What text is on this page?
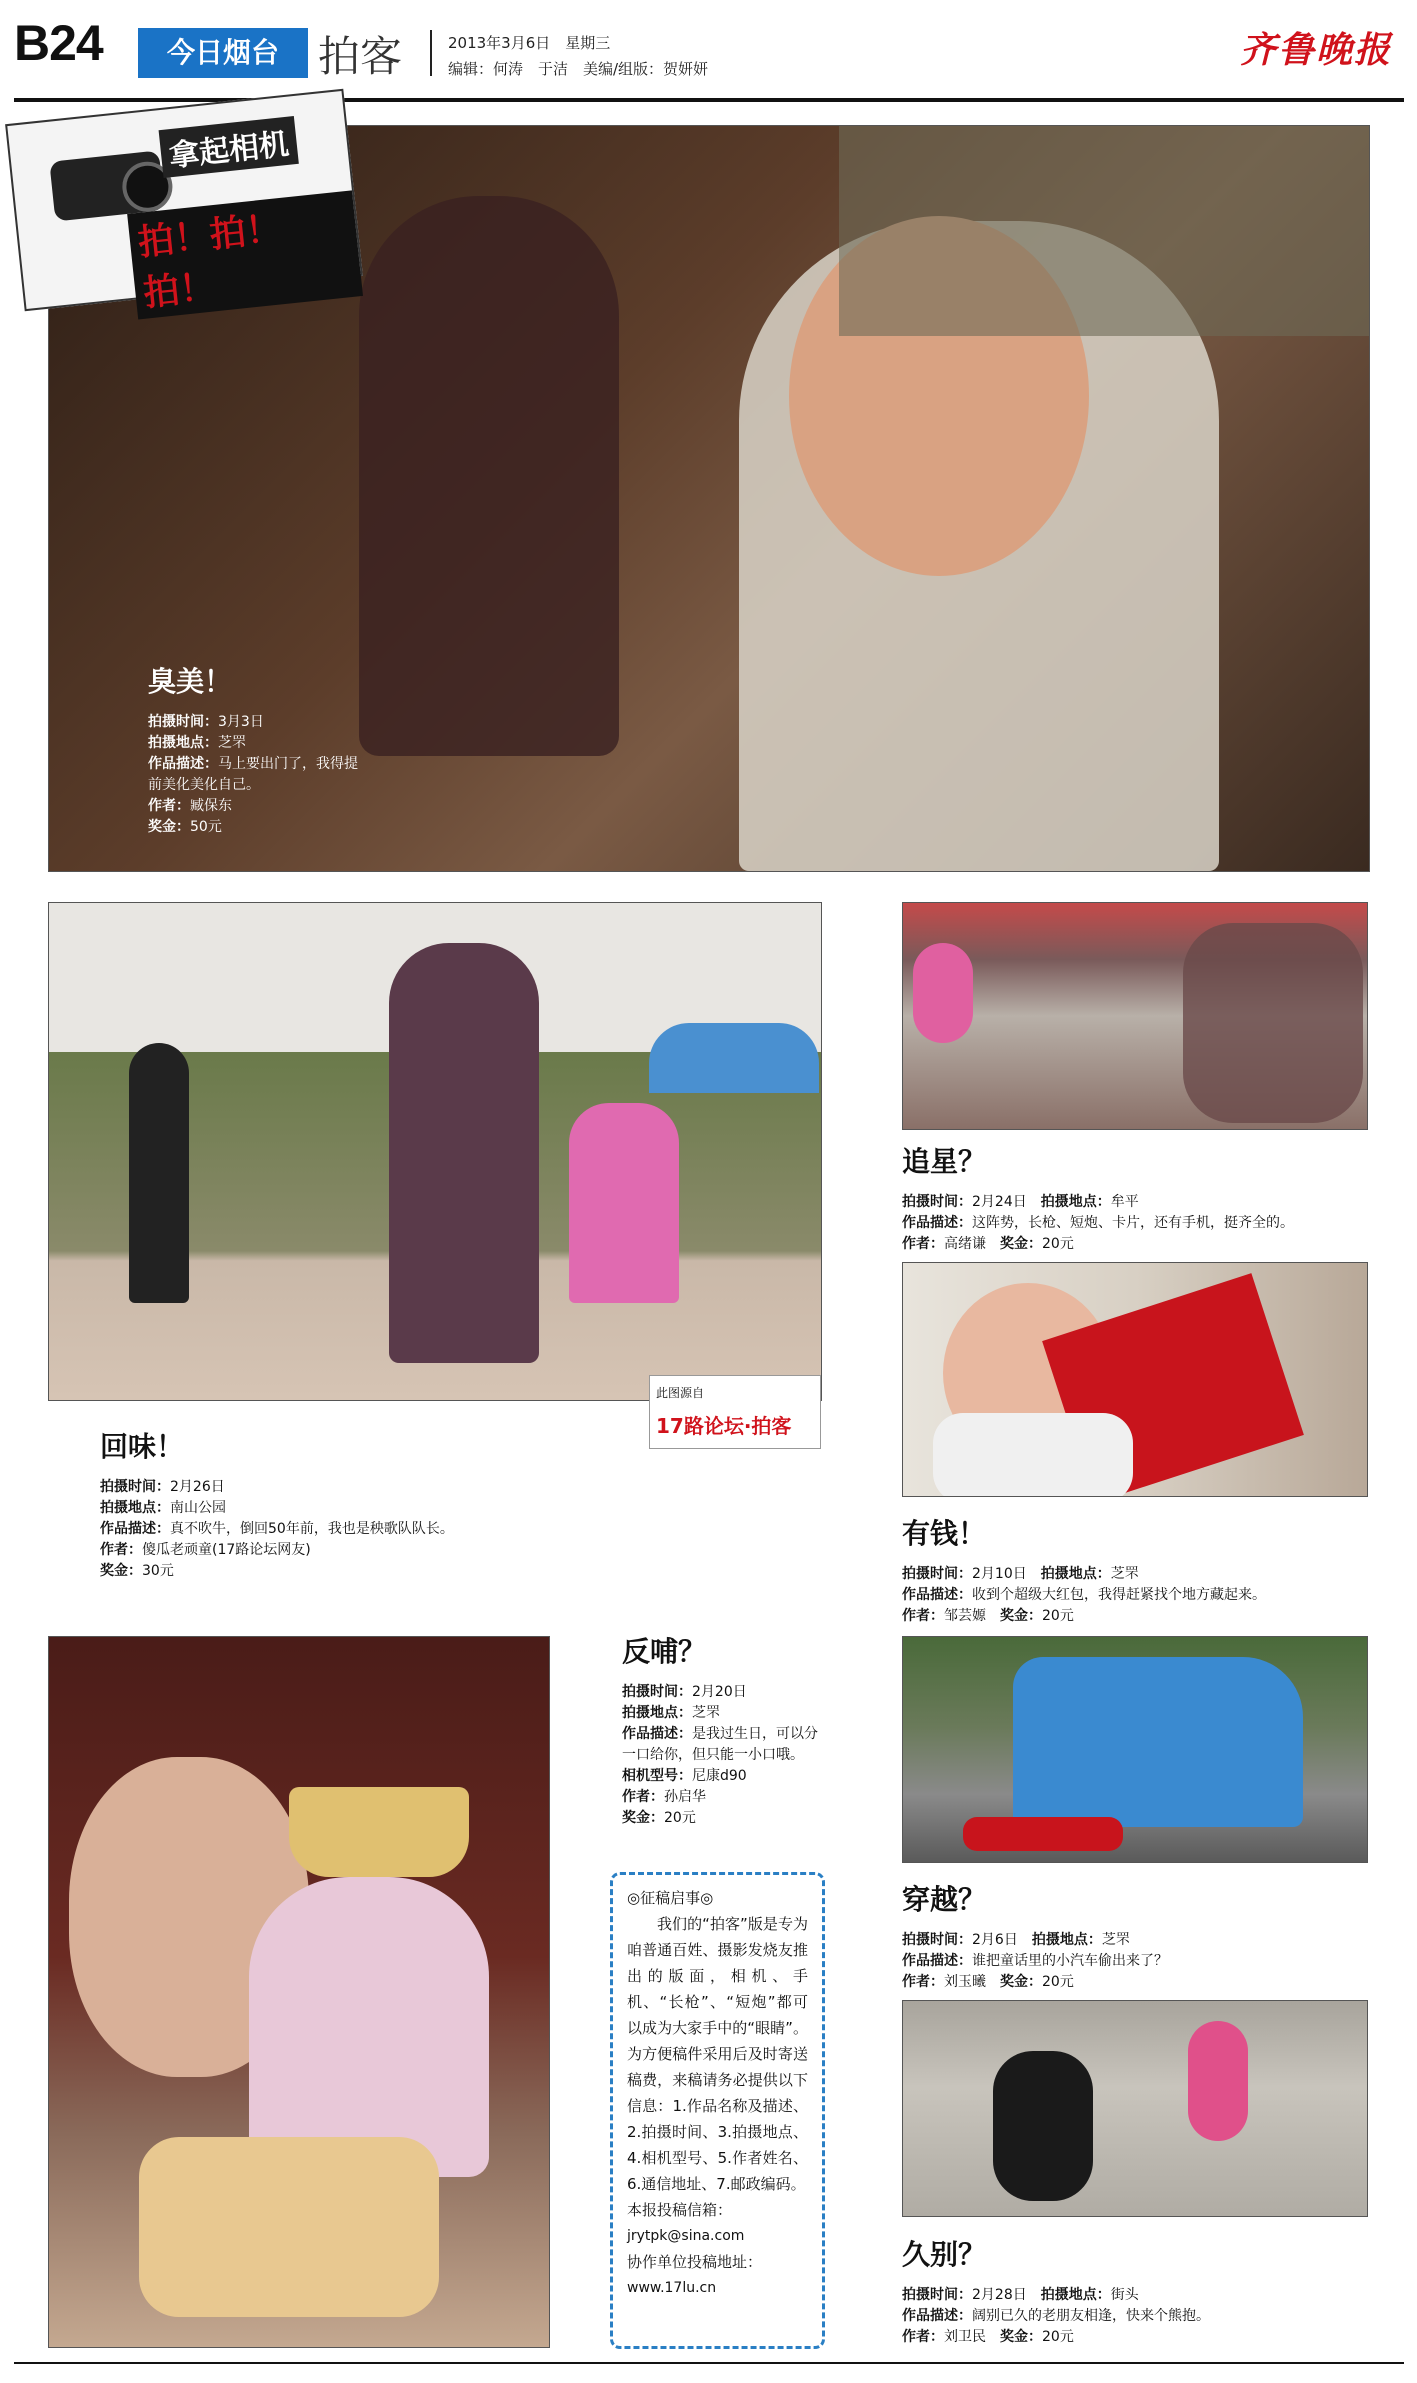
B24	今日烟台 拍客	2013年3月6日　星期三
编辑：何涛　于洁　美编/组版：贺妍妍	齐鲁晚报
拿起相机
拍！拍！拍！
臭美！
拍摄时间：3月3日
拍摄地点：芝罘
作品描述：马上要出门了，我得提前美化美化自己。
作者：臧保东
奖金：50元
此图源自
17路论坛·拍客
回味！
拍摄时间：2月26日
拍摄地点：南山公园
作品描述：真不吹牛，倒回50年前，我也是秧歌队队长。
作者：傻瓜老顽童(17路论坛网友)
奖金：30元
反哺？
拍摄时间：2月20日
拍摄地点：芝罘
作品描述：是我过生日，可以分一口给你，但只能一小口哦。
相机型号：尼康d90
作者：孙启华
奖金：20元
◎征稿启事◎
我们的“拍客”版是专为咱普通百姓、摄影发烧友推出的版面，相机、手机、“长枪”、“短炮”都可以成为大家手中的“眼睛”。为方便稿件采用后及时寄送稿费，来稿请务必提供以下信息：1.作品名称及描述、2.拍摄时间、3.拍摄地点、4.相机型号、5.作者姓名、6.通信地址、7.邮政编码。
本报投稿信箱：
jrytpk@sina.com
协作单位投稿地址：
www.17lu.cn
追星？
拍摄时间：2月24日　 拍摄地点：牟平
作品描述：这阵势，长枪、短炮、卡片，还有手机，挺齐全的。
作者：高绪谦　 奖金：20元
有钱！
拍摄时间：2月10日　 拍摄地点：芝罘
作品描述：收到个超级大红包，我得赶紧找个地方藏起来。
作者：邹芸嫄　 奖金：20元
穿越？
拍摄时间：2月6日　 拍摄地点：芝罘
作品描述：谁把童话里的小汽车偷出来了？
作者：刘玉曦　 奖金：20元
久别？
拍摄时间：2月28日　 拍摄地点：街头
作品描述：阔别已久的老朋友相逢，快来个熊抱。
作者：刘卫民　 奖金：20元
